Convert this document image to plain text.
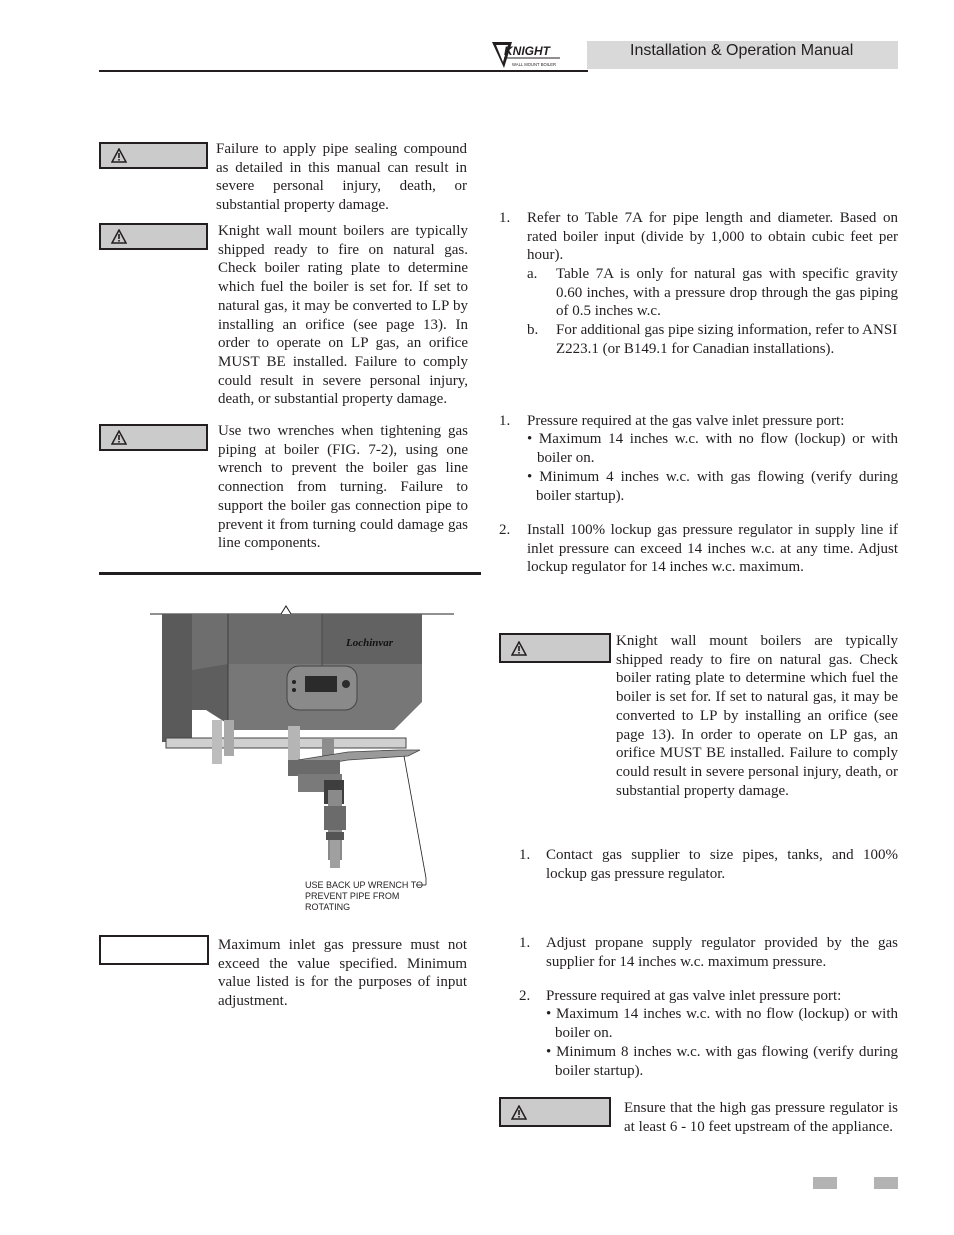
KNIGHT
WALL MOUNT BOILER
Installation & Operation Manual

Failure to apply pipe sealing compound as detailed in this manual can result in severe personal injury, death, or substantial property damage.

Knight wall mount boilers are typically shipped ready to fire on natural gas. Check boiler rating plate to determine which fuel the boiler is set for. If set to natural gas, it may be converted to LP by installing an orifice (see page 13). In order to operate on LP gas, an orifice MUST BE installed. Failure to comply could result in severe personal injury, death, or substantial property damage.

Use two wrenches when tightening gas piping at boiler (FIG. 7-2), using one wrench to prevent the boiler gas line connection from turning. Failure to support the boiler gas connection pipe to prevent it from turning could damage gas line components.

Lochinvar
USE BACK UP WRENCH TO PREVENT PIPE FROM ROTATING

Maximum inlet gas pressure must not exceed the value specified. Minimum value listed is for the purposes of input adjustment.

1. Refer to Table 7A for pipe length and diameter. Based on rated boiler input (divide by 1,000 to obtain cubic feet per hour).

a. Table 7A is only for natural gas with specific gravity 0.60 inches, with a pressure drop through the gas piping of 0.5 inches w.c.

b. For additional gas pipe sizing information, refer to ANSI Z223.1 (or B149.1 for Canadian installations).

1. Pressure required at the gas valve inlet pressure port:

• Maximum 14 inches w.c. with no flow (lockup) or with boiler on.

• Minimum 4 inches w.c. with gas flowing (verify during boiler startup).

2. Install 100% lockup gas pressure regulator in supply line if inlet pressure can exceed 14 inches w.c. at any time. Adjust lockup regulator for 14 inches w.c. maximum.

Knight wall mount boilers are typically shipped ready to fire on natural gas. Check boiler rating plate to determine which fuel the boiler is set for. If set to natural gas, it may be converted to LP by installing an orifice (see page 13). In order to operate on LP gas, an orifice MUST BE installed. Failure to comply could result in severe personal injury, death, or substantial property damage.

1. Contact gas supplier to size pipes, tanks, and 100% lockup gas pressure regulator.

1. Adjust propane supply regulator provided by the gas supplier for 14 inches w.c. maximum pressure.

2. Pressure required at gas valve inlet pressure port:

• Maximum 14 inches w.c. with no flow (lockup) or with boiler on.

• Minimum 8 inches w.c. with gas flowing (verify during boiler startup).

Ensure that the high gas pressure regulator is at least 6 - 10 feet upstream of the appliance.
